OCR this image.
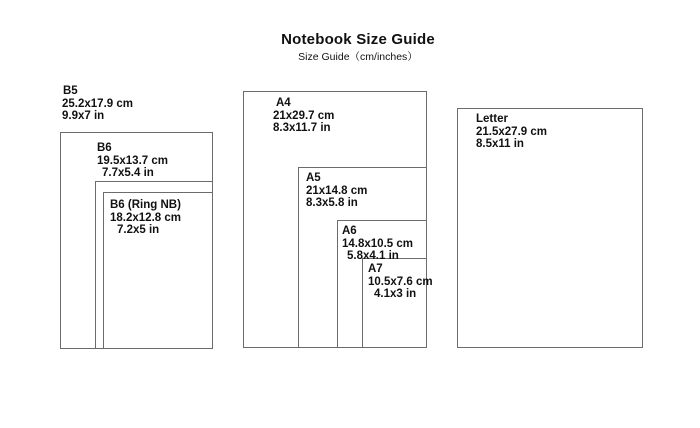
Notebook Size Guide
Size Guide（cm/inches）
B5
25.2x17.9 cm
9.9x7 in
B6
19.5x13.7 cm
7.7x5.4 in
B6 (Ring NB)
18.2x12.8 cm
7.2x5 in
A4
21x29.7 cm
8.3x11.7 in
A5
21x14.8 cm
8.3x5.8 in
A6
14.8x10.5 cm
5.8x4.1 in
A7
10.5x7.6 cm
4.1x3 in
Letter
21.5x27.9 cm
8.5x11 in
